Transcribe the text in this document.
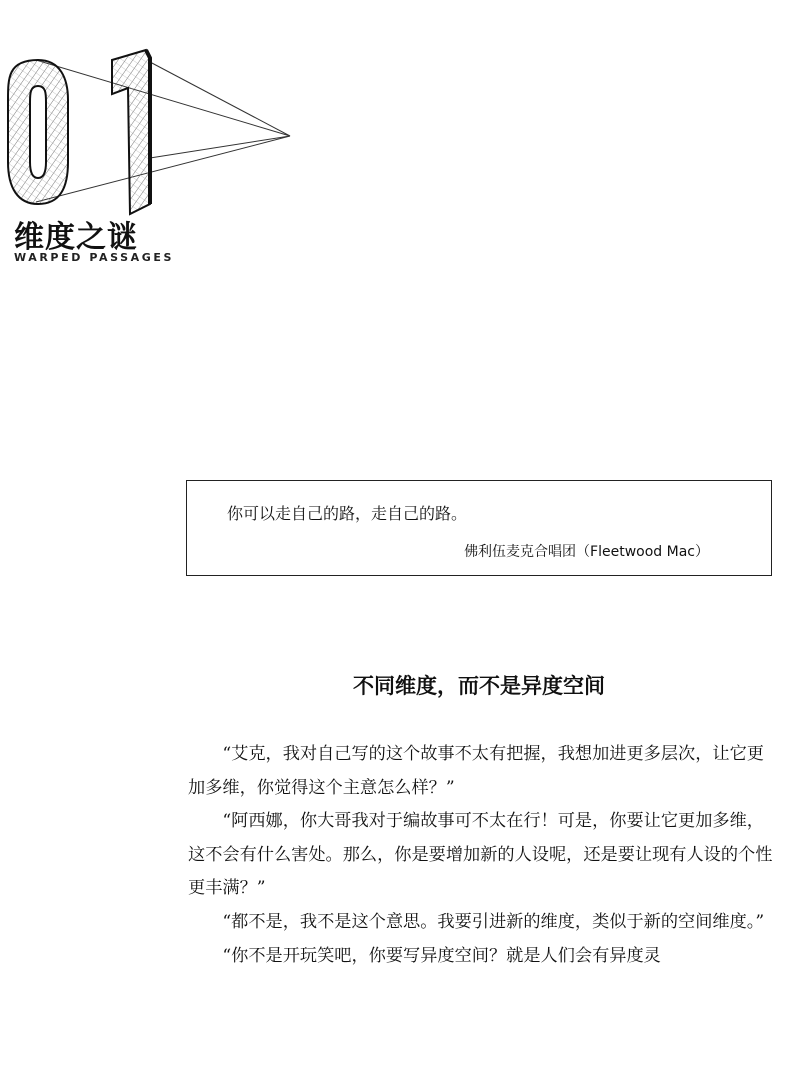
维度之谜
WARPED PASSAGES
你可以走自己的路，走自己的路。
佛利伍麦克合唱团（Fleetwood Mac）
不同维度，而不是异度空间

“艾克，我对自己写的这个故事不太有把握，我想加进更多层次，让它更加多维，你觉得这个主意怎么样？”

“阿西娜，你大哥我对于编故事可不太在行！可是，你要让它更加多维，这不会有什么害处。那么，你是要增加新的人设呢，还是要让现有人设的个性更丰满？”

“都不是，我不是这个意思。我要引进新的维度，类似于新的空间维度。”

“你不是开玩笑吧，你要写异度空间？就是人们会有异度灵
